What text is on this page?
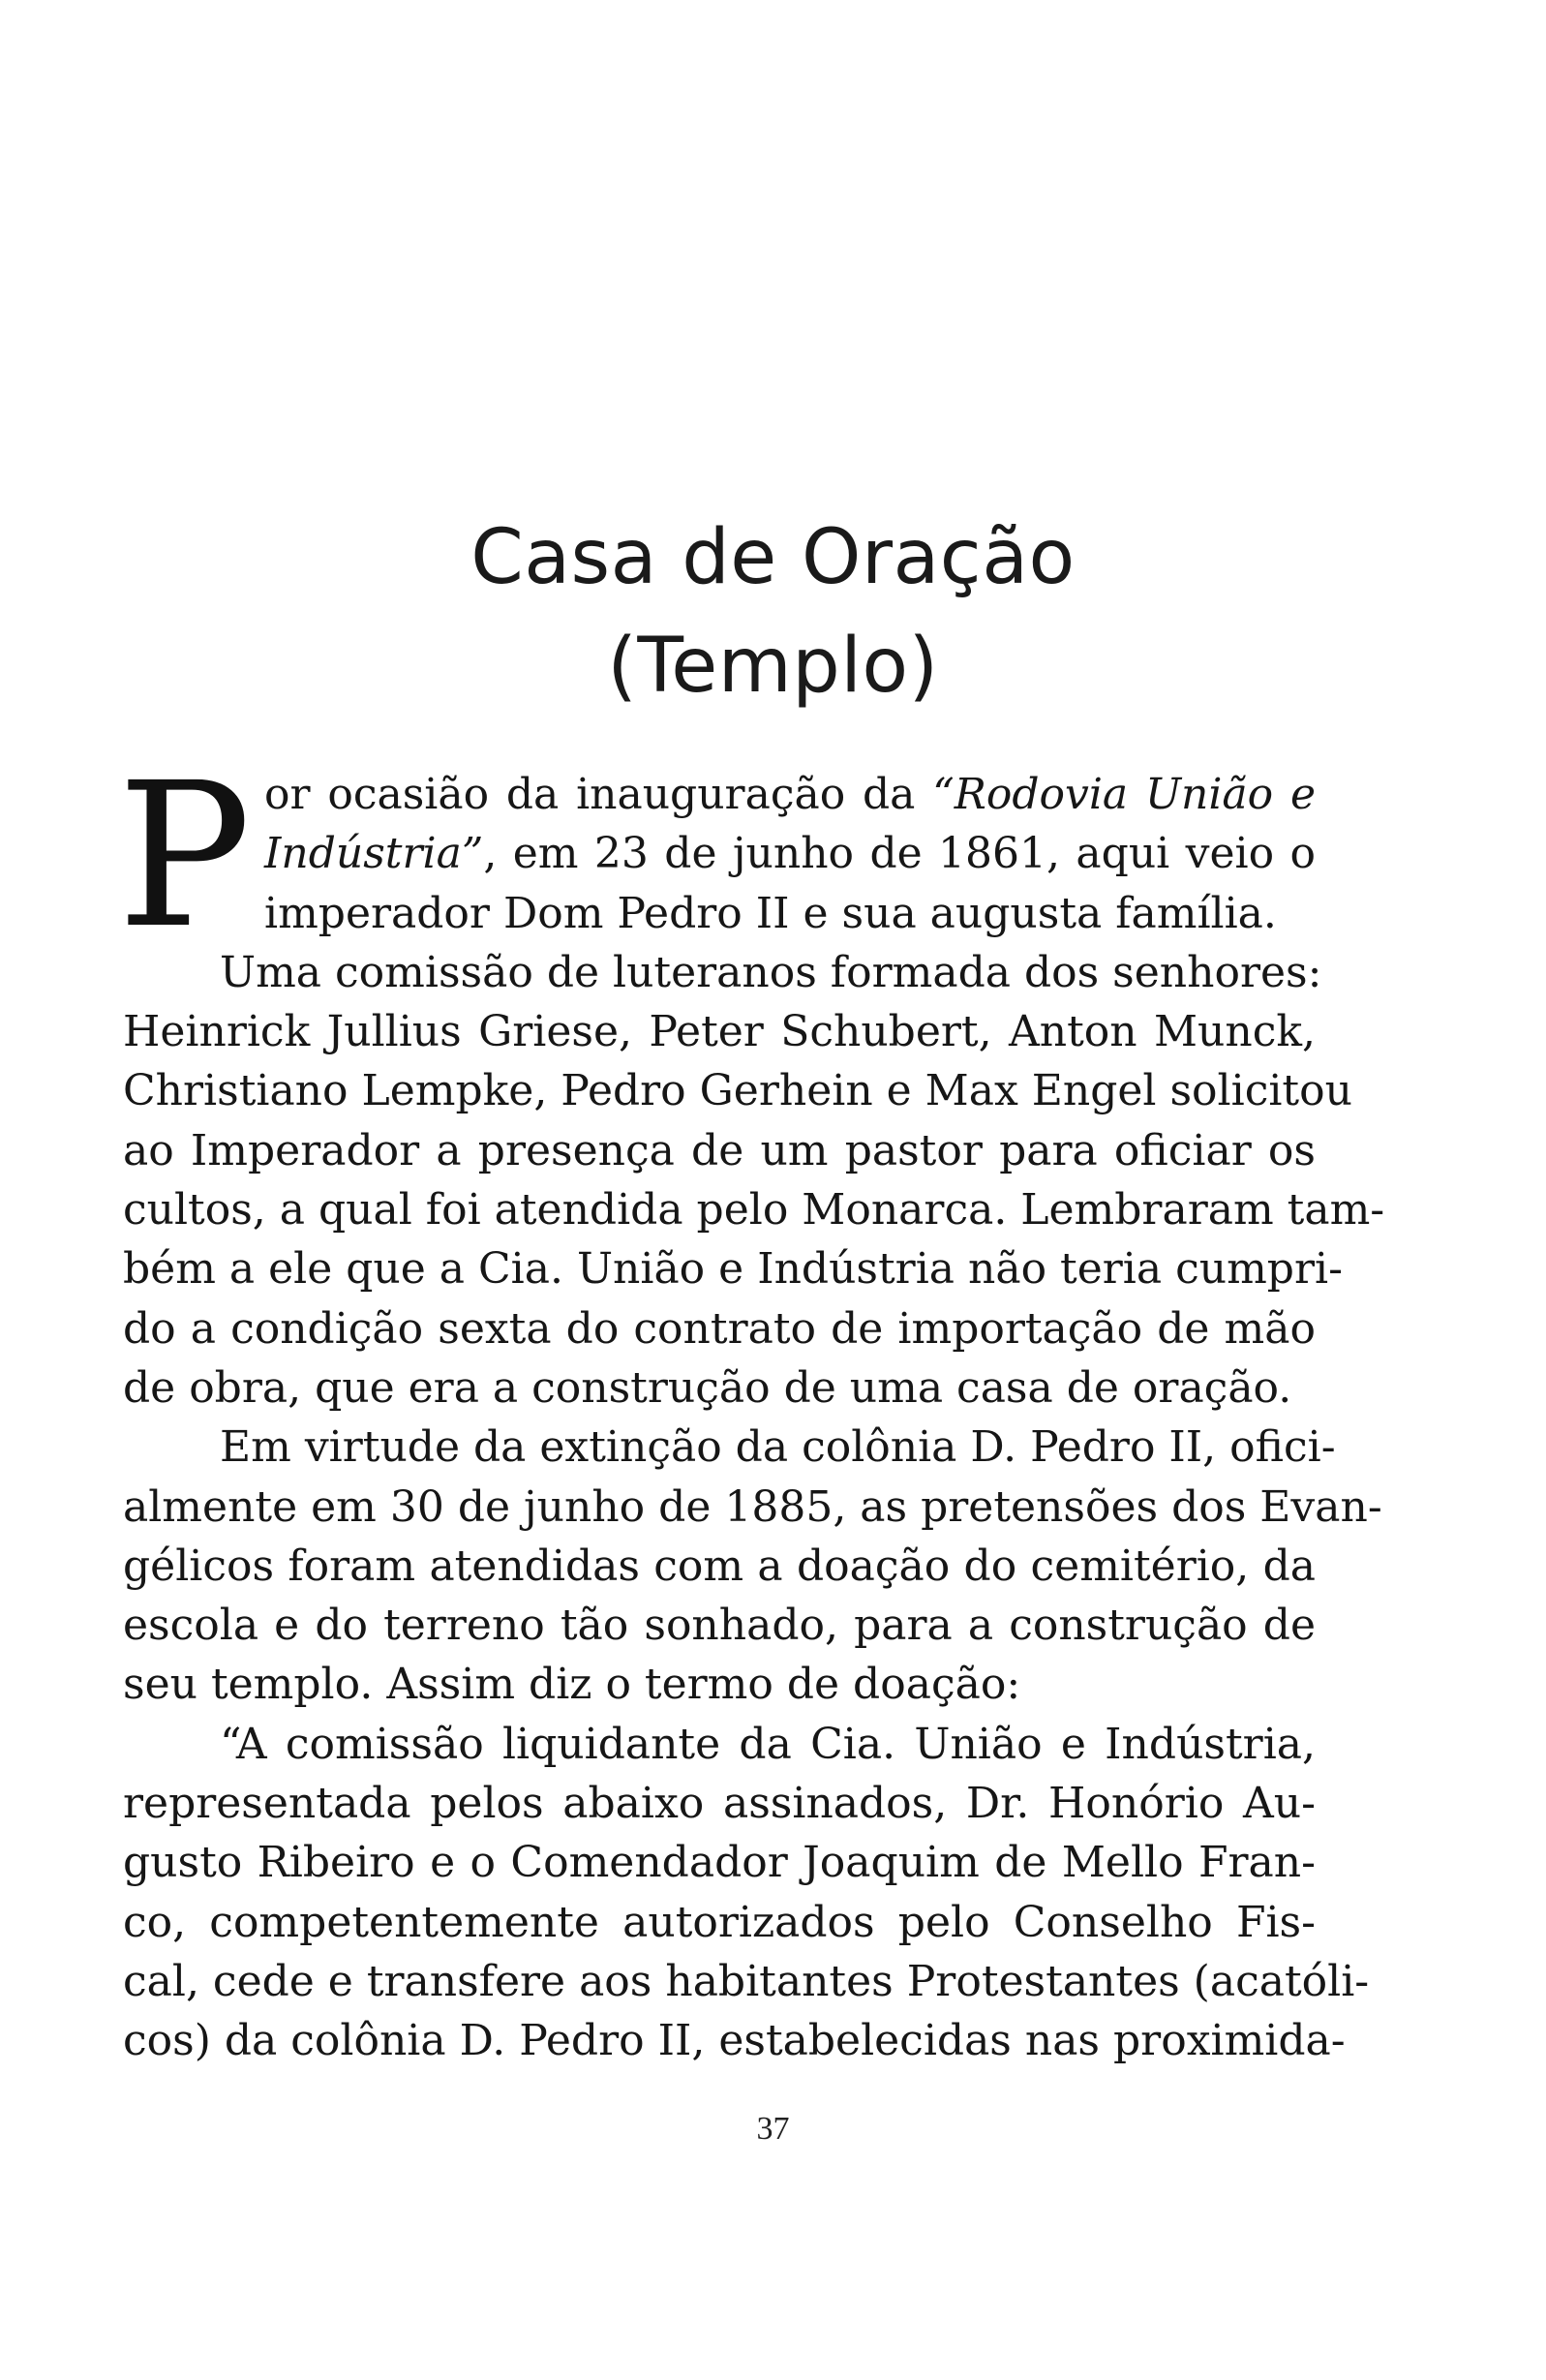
Casa de Oração
(Templo)
P or ocasião da inauguração da “Rodovia União e
Indústria”, em 23 de junho de 1861, aqui veio o
imperador Dom Pedro II e sua augusta família.
Uma comissão de luteranos formada dos senhores:
Heinrick Jullius Griese, Peter Schubert, Anton Munck,
Christiano Lempke, Pedro Gerhein e Max Engel solicitou
ao Imperador a presença de um pastor para oficiar os
cultos, a qual foi atendida pelo Monarca. Lembraram tam-
bém a ele que a Cia. União e Indústria não teria cumpri-
do a condição sexta do contrato de importação de mão
de obra, que era a construção de uma casa de oração.
Em virtude da extinção da colônia D. Pedro II, ofici-
almente em 30 de junho de 1885, as pretensões dos Evan-
gélicos foram atendidas com a doação do cemitério, da
escola e do terreno tão sonhado, para a construção de
seu templo. Assim diz o termo de doação:
“A comissão liquidante da Cia. União e Indústria,
representada pelos abaixo assinados, Dr. Honório Au-
gusto Ribeiro e o Comendador Joaquim de Mello Fran-
co, competentemente autorizados pelo Conselho Fis-
cal, cede e transfere aos habitantes Protestantes (acatóli-
cos) da colônia D. Pedro II, estabelecidas nas proximida-
37
